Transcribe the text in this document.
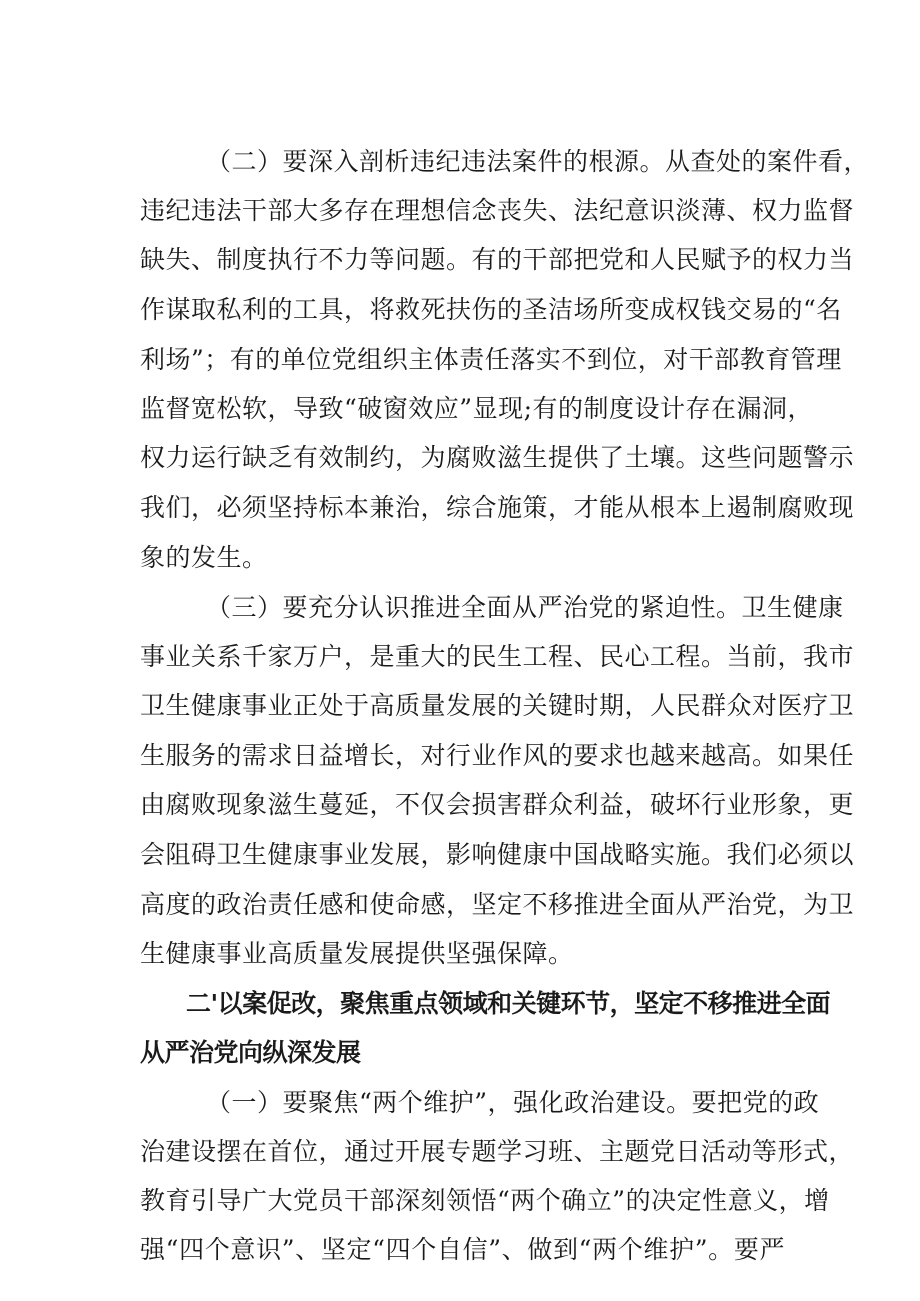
（二）要深入剖析违纪违法案件的根源。从查处的案件看，
违纪违法干部大多存在理想信念丧失、法纪意识淡薄、权力监督
缺失、制度执行不力等问题。有的干部把党和人民赋予的权力当
作谋取私利的工具，将救死扶伤的圣洁场所变成权钱交易的“名
利场”；有的单位党组织主体责任落实不到位，对干部教育管理
监督宽松软，导致“破窗效应”显现;有的制度设计存在漏洞，
权力运行缺乏有效制约，为腐败滋生提供了土壤。这些问题警示
我们，必须坚持标本兼治，综合施策，才能从根本上遏制腐败现
象的发生。
（三）要充分认识推进全面从严治党的紧迫性。卫生健康
事业关系千家万户，是重大的民生工程、民心工程。当前，我市
卫生健康事业正处于高质量发展的关键时期，人民群众对医疗卫
生服务的需求日益增长，对行业作风的要求也越来越高。如果任
由腐败现象滋生蔓延，不仅会损害群众利益，破坏行业形象，更
会阻碍卫生健康事业发展，影响健康中国战略实施。我们必须以
高度的政治责任感和使命感，坚定不移推进全面从严治党，为卫
生健康事业高质量发展提供坚强保障。
二'以案促改，聚焦重点领域和关键环节，坚定不移推进全面
从严治党向纵深发展
（一）要聚焦“两个维护”，强化政治建设。要把党的政
治建设摆在首位，通过开展专题学习班、主题党日活动等形式，
教育引导广大党员干部深刻领悟“两个确立”的决定性意义，增
强“四个意识”、坚定“四个自信”、做到“两个维护”。要严
